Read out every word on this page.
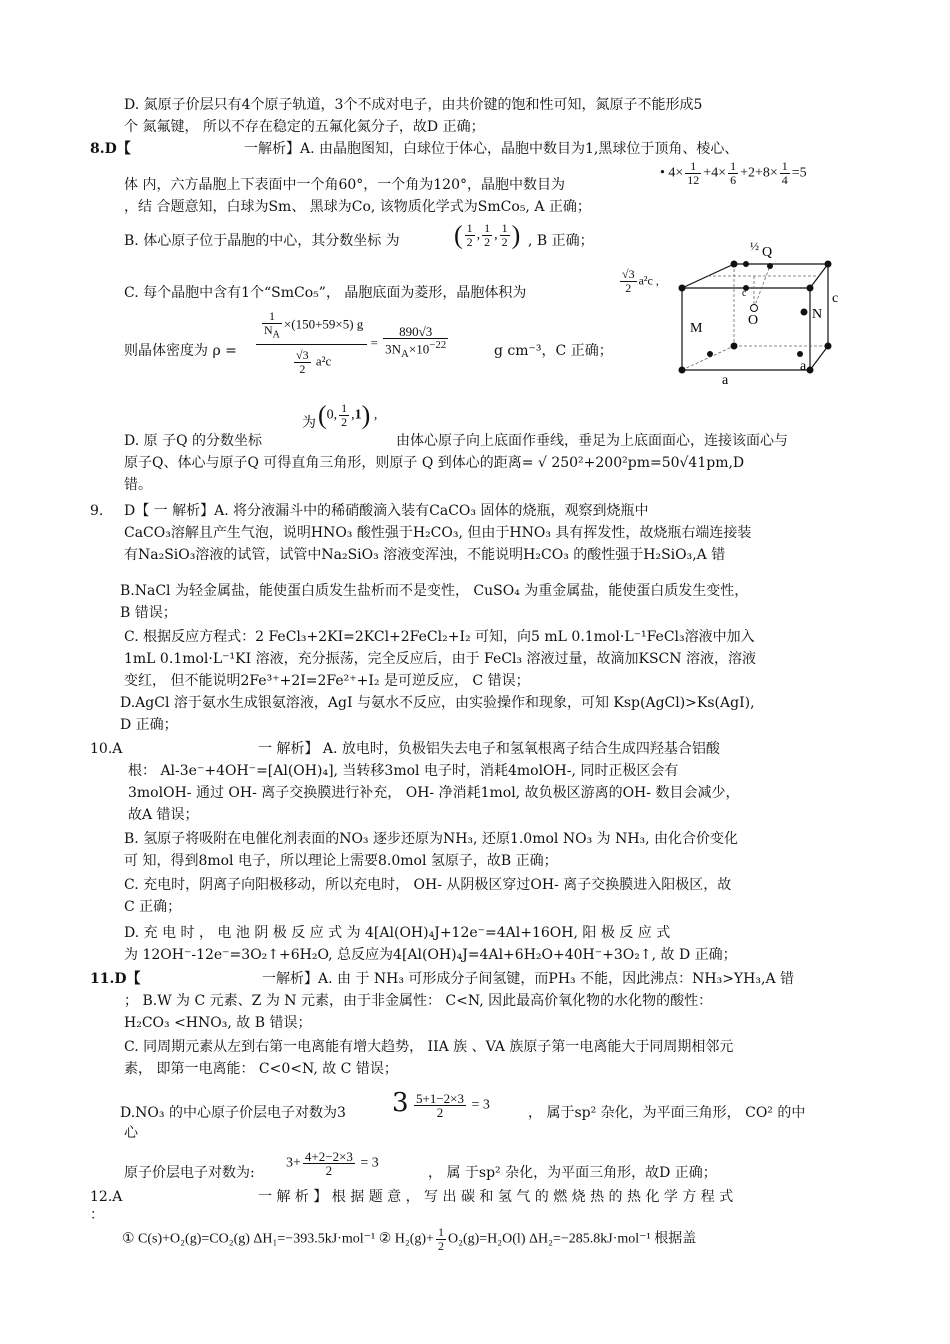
D. 氮原子价层只有4个原子轨道，3个不成对电子，由共价键的饱和性可知，氮原子不能形成5
个 氮氟键， 所以不存在稳定的五氟化氮分子，故D 正确；
8.D【	一解析】A. 由晶胞图知，白球位于体心，晶胞中数目为1,黑球位于顶角、棱心、
体 内，六方晶胞上下表面中一个角60°，一个角为120°，晶胞中数目为
• $4\times \frac{1}{12} +4\times \frac{1}{6} +2+8\times \frac{1}{4} =5$
，结 合题意知，白球为Sm、 黑球为Co, 该物质化学式为SmCo₅, A 正确；
B. 体心原子位于晶胞的中心，其分数坐标 为 ( $\frac{1}{2}$ , $\frac{1}{2}$ , $\frac{1}{2}$ ) , B 正确；
C. 每个晶胞中含有1个“SmCo₅”， 晶胞底面为菱形，晶胞体积为	$\frac{√3}{2} a^2c$ ,
则晶体密度为 $\rho = \frac{\frac{1}{N_A} \times(150+59\times 5) g}{\frac{√3}{2} a^2c} = \frac{890√3}{3N_A\times 10^{-22}}$	g cm⁻³，C 正确；
为 (0, $\frac{1}{2} ,1$) ,
D. 原 子Q 的分数坐标	由体心原子向上底面作垂线，垂足为上底面面心，连接该面心与
原子Q、体心与原子Q 可得直角三角形，则原子 Q 到体心的距离= √ 250²+200²pm=50√41pm,D
错。
Q
½
N
O
M
a
a
c
c
9. D【 一 解析】A. 将分液漏斗中的稀硝酸滴入装有CaCO₃ 固体的烧瓶，观察到烧瓶中
CaCO₃溶解且产生气泡，说明HNO₃ 酸性强于H₂CO₃, 但由于HNO₃ 具有挥发性，故烧瓶右端连接装
有Na₂SiO₃溶液的试管，试管中Na₂SiO₃ 溶液变浑浊，不能说明H₂CO₃ 的酸性强于H₂SiO₃,A 错
B.NaCl 为轻金属盐，能使蛋白质发生盐析而不是变性， CuSO₄ 为重金属盐，能使蛋白质发生变性，
B 错误；
C. 根据反应方程式：2 FeCl₃+2KI=2KCl+2FeCl₂+I₂ 可知，向5 mL 0.1mol·L⁻¹FeCl₃溶液中加入
1mL 0.1mol·L⁻¹KI 溶液，充分振荡，完全反应后，由于 FeCl₃ 溶液过量，故滴加KSCN 溶液，溶液
变红， 但不能说明2Fe³⁺+2I=2Fe²⁺+I₂ 是可逆反应， C 错误；
D.AgCl 溶于氨水生成银氨溶液，AgI 与氨水不反应，由实验操作和现象，可知 Ksp(AgCl)>Ks(AgI),
D 正确；
10.A	一 解析】 A. 放电时，负极铝失去电子和氢氧根离子结合生成四羟基合铝酸
根： Al-3e⁻+4OH⁻=[Al(OH)₄], 当转移3mol 电子时，消耗4molOH-, 同时正极区会有
3molOH- 通过 OH- 离子交换膜进行补充， OH- 净消耗1mol, 故负极区游离的OH- 数目会减少，
故A 错误；
B. 氢原子将吸附在电催化剂表面的NO₃ 逐步还原为NH₃, 还原1.0mol NO₃ 为 NH₃, 由化合价变化
可 知，得到8mol 电子，所以理论上需要8.0mol 氢原子，故B 正确；
C. 充电时，阴离子向阳极移动，所以充电时， OH- 从阴极区穿过OH- 离子交换膜进入阳极区，故
C 正确；
D. 充 电 时 ， 电 池 阴 极 反 应 式 为 4[Al(OH)₄J+12e⁻=4Al+16OH, 阳 极 反 应 式
为 12OH⁻-12e⁻=3O₂↑+6H₂O, 总反应为4[Al(OH)₄J=4Al+6H₂O+40H⁻+3O₂↑, 故 D 正确；
11.D【	一解析】A. 由 于 NH₃ 可形成分子间氢键，而PH₃ 不能，因此沸点：NH₃>YH₃,A 错
； B.W 为 C 元素、Z 为 N 元素，由于非金属性： C<N, 因此最高价氧化物的水化物的酸性：
H₂CO₃ <HNO₃, 故 B 错误；
C. 同周期元素从左到右第一电离能有增大趋势， IIA 族 、VA 族原子第一电离能大于同周期相邻元
素， 即第一电离能： C<0<N, 故 C 错误；
D.NO₃ 的中心原子价层电子对数为3 $3 \frac{5+1-2\times 3}{2} = 3$	， 属于sp² 杂化，为平面三角形， CO² 的中
心
原子价层电子对数为:
$3+ \frac{4+2-2\times 3}{2} = 3$
， 属 于sp² 杂化，为平面三角形，故D 正确；
12.A	一 解 析 】 根 据 题 意 ， 写 出 碳 和 氢 气 的 燃 烧 热 的 热 化 学 方 程 式
：
① C(s)+O₂(g)=CO₂(g) ΔH₁=−393.5kJ·mol⁻¹ ② $H_2(g)+ \frac{1}{2} O_2(g)=H_2O(l)$ ΔH₂=−285.8kJ·mol⁻¹ 根据盖
